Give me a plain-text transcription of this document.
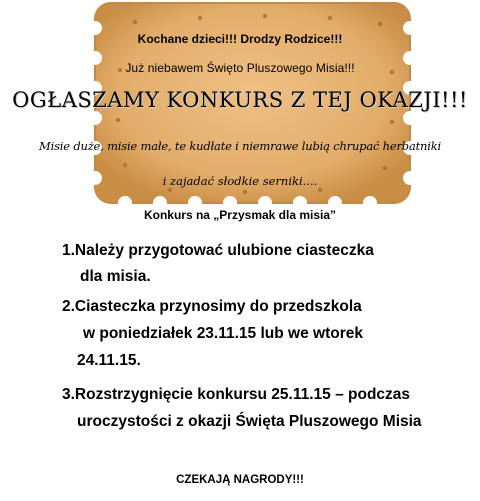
Kochane dzieci!!! Drodzy Rodzice!!!
Już niebawem Święto Pluszowego Misia!!!
OGŁASZAMY KONKURS Z TEJ OKAZJI!!!
Misie duże, misie małe, te kudłate i niemrawe lubią chrupać herbatniki
i zajadać słodkie serniki....
Konkurs na „Przysmak dla misia”
1.Należy przygotować ulubione ciasteczka
dla misia.
2.Ciasteczka przynosimy do przedszkola
w poniedziałek 23.11.15 lub we wtorek
24.11.15.
3.Rozstrzygnięcie konkursu 25.11.15 – podczas
uroczystości z okazji Święta Pluszowego Misia
CZEKAJĄ NAGRODY!!!
